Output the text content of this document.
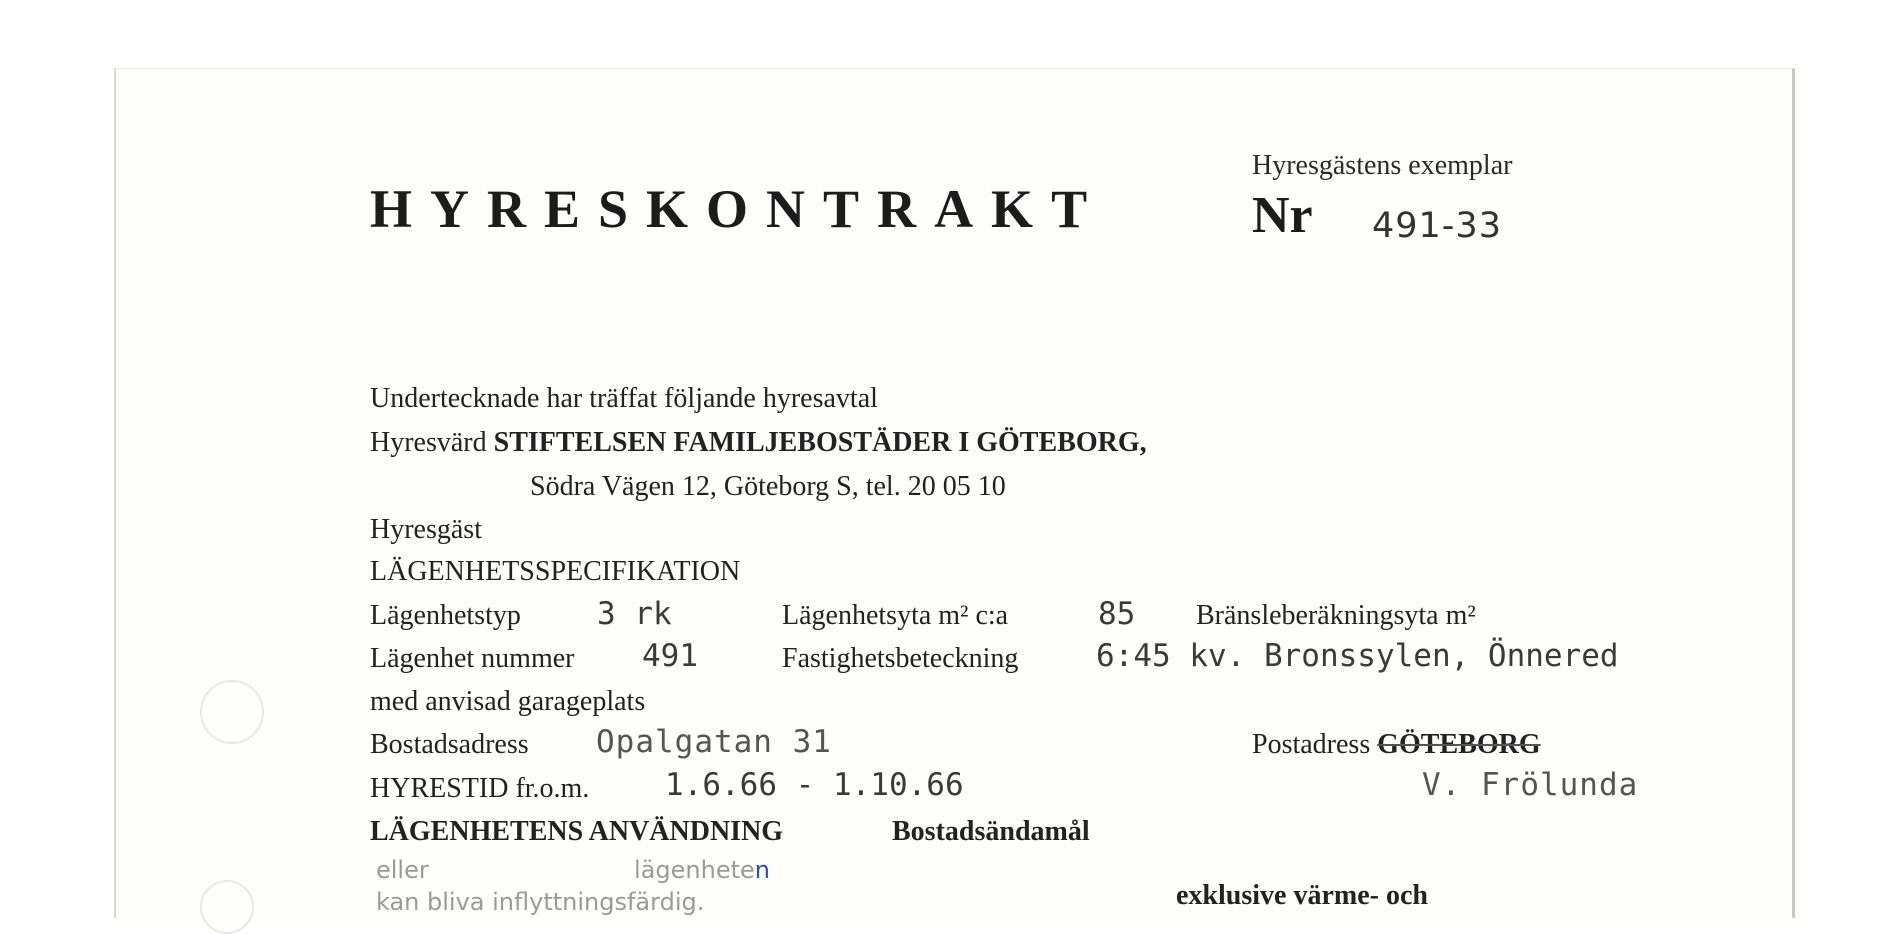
HYRESKONTRAKT
Hyresgästens exemplar
Nr 491-33
Undertecknade har träffat följande hyresavtal
Hyresvärd STIFTELSEN FAMILJEBOSTÄDER I GÖTEBORG,
Södra Vägen 12, Göteborg S, tel. 20 05 10
Hyresgäst
LÄGENHETSSPECIFIKATION
Lägenhetstyp 3 rk	Lägenhetsyta m² c:a	85 Bränsleberäkningsyta m²
Lägenhet nummer 491	Fastighetsbeteckning	6:45 kv. Bronssylen, Önnered
med anvisad garageplats
Bostadsadress Opalgatan 31	Postadress GÖTEBORG
HYRESTID fr.o.m. 1.6.66 - 1.10.66	V. Frölunda
LÄGENHETENS ANVÄNDNING	Bostadsändamål
eller	lägenheten
kan bliva inflyttningsfärdig.	exklusive värme- och
